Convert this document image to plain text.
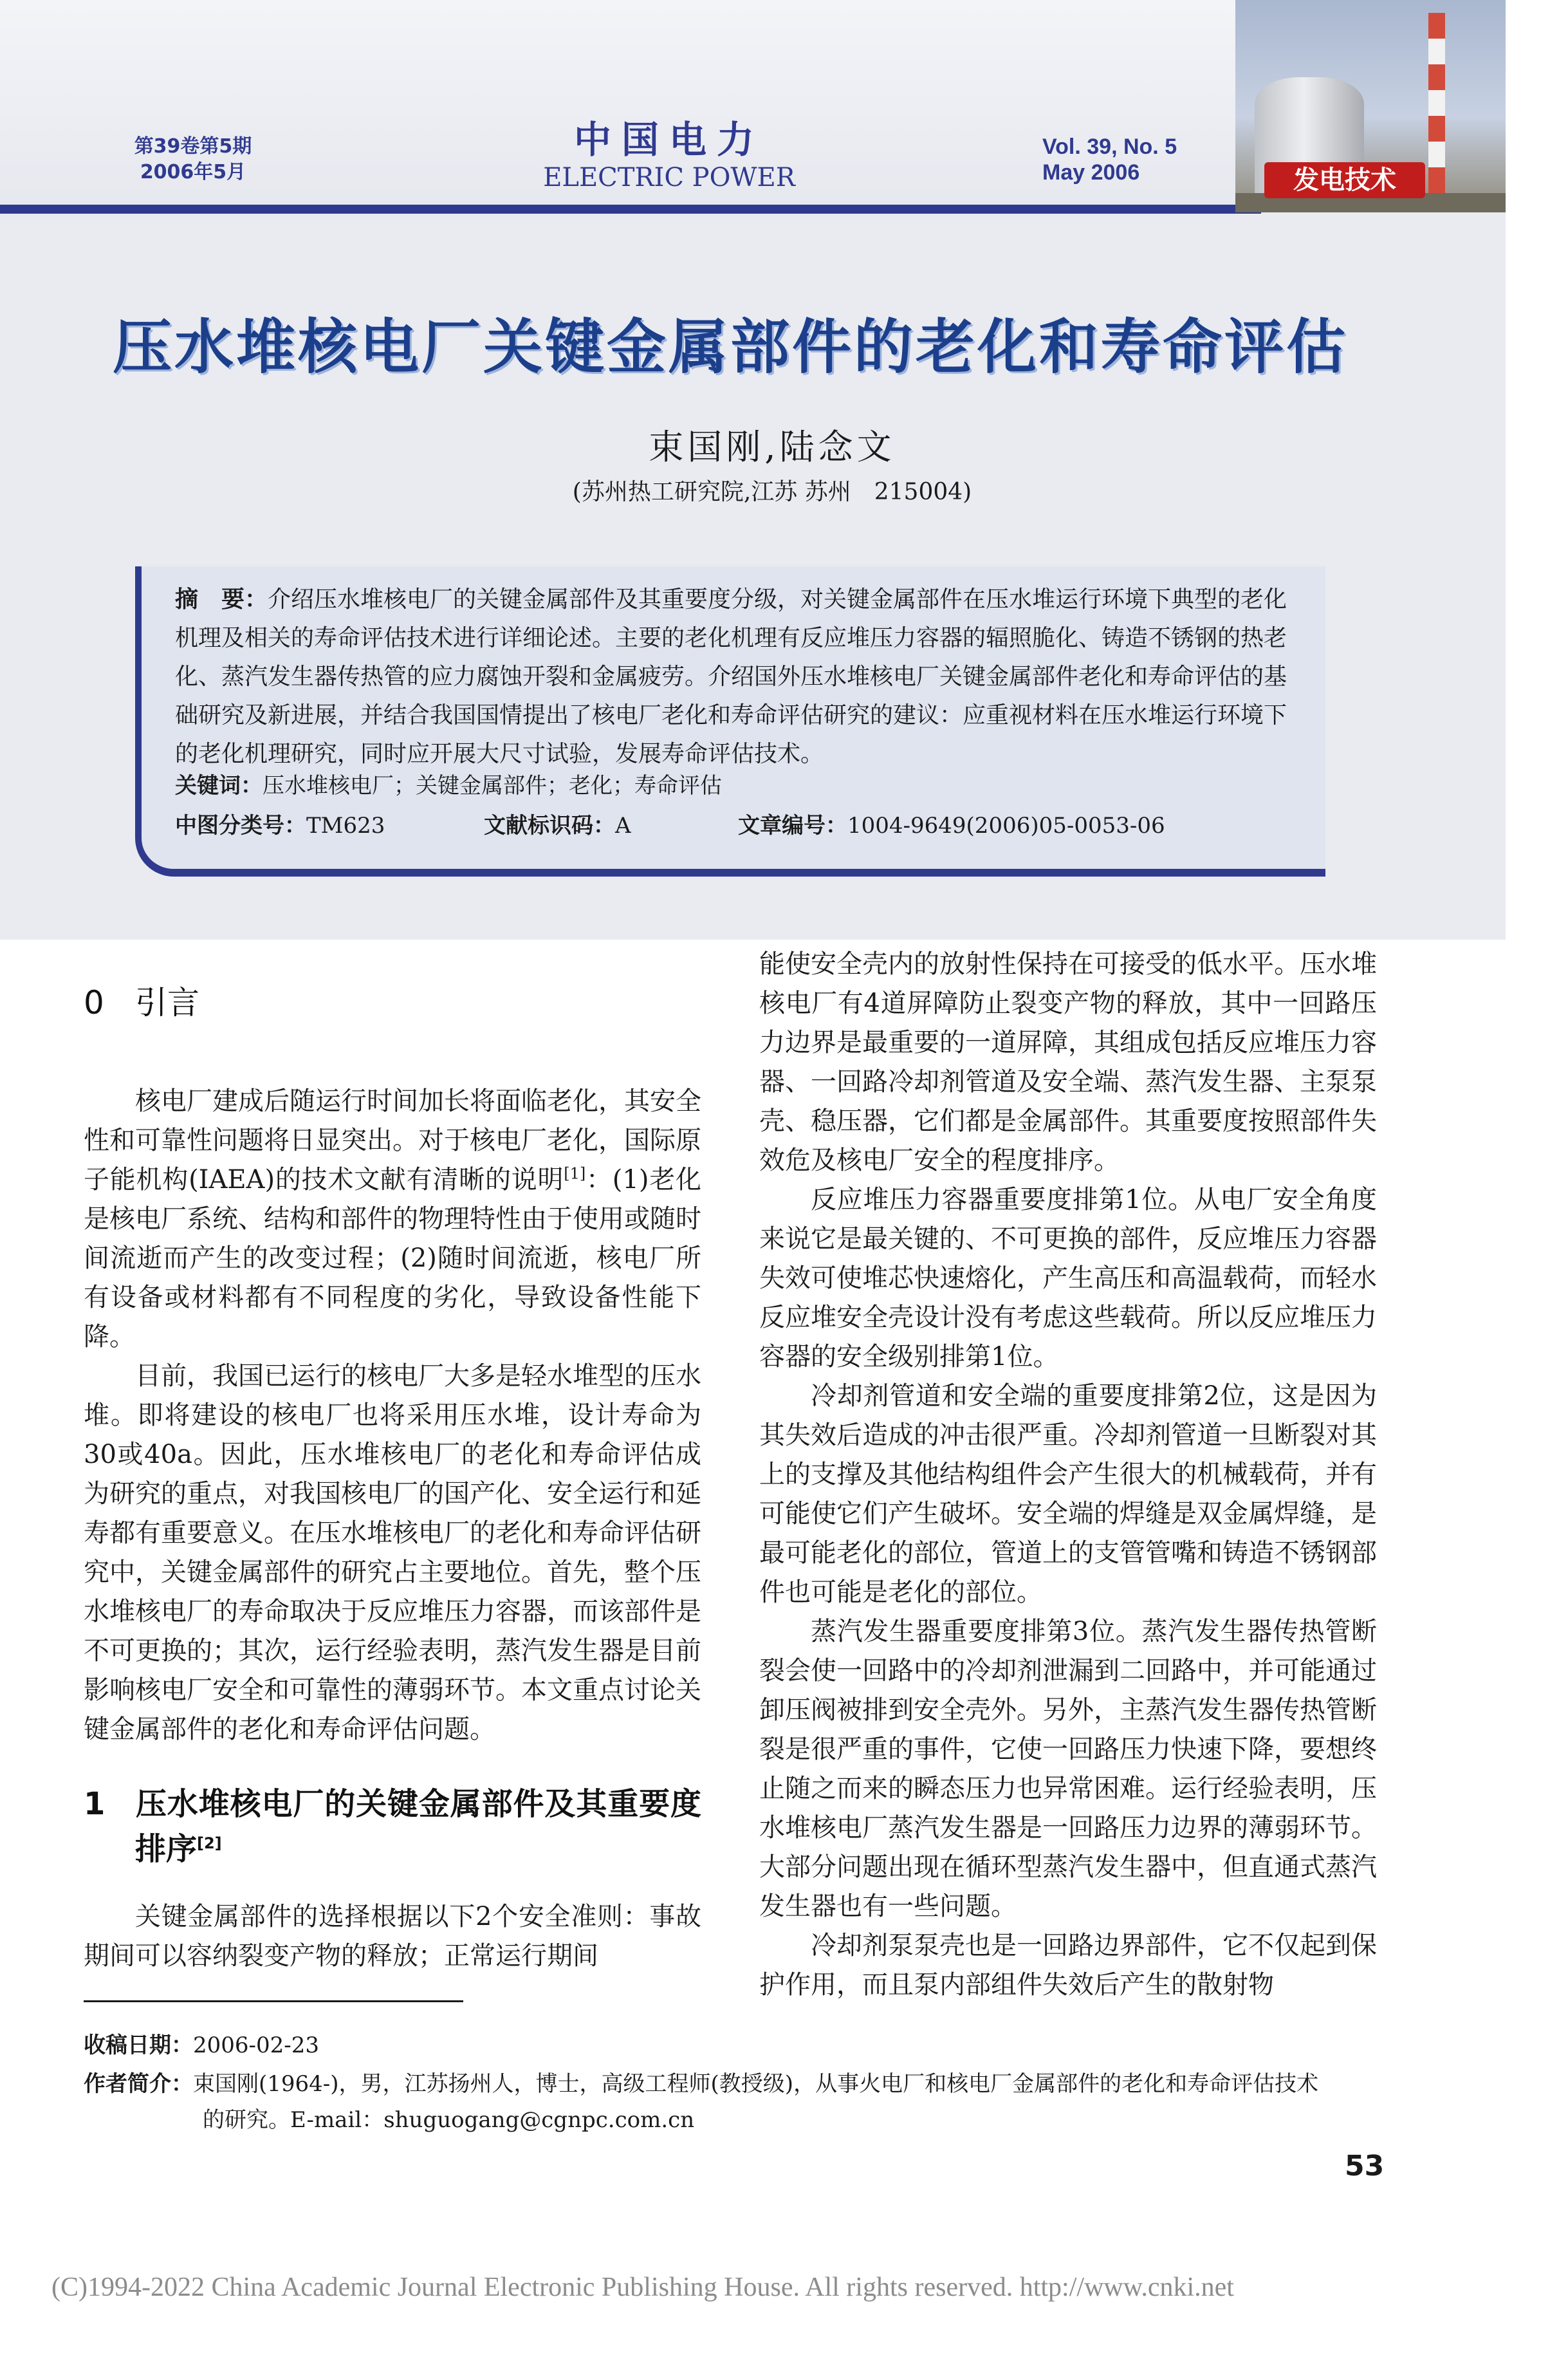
第39卷第5期
2006年5月
中国电力
ELECTRIC POWER
Vol. 39, No. 5
May 2006	发电技术
压水堆核电厂关键金属部件的老化和寿命评估
束国刚,陆念文
(苏州热工研究院,江苏 苏州　215004)
摘　要：介绍压水堆核电厂的关键金属部件及其重要度分级，对关键金属部件在压水堆运行环境下典型的老化机理及相关的寿命评估技术进行详细论述。主要的老化机理有反应堆压力容器的辐照脆化、铸造不锈钢的热老化、蒸汽发生器传热管的应力腐蚀开裂和金属疲劳。介绍国外压水堆核电厂关键金属部件老化和寿命评估的基础研究及新进展，并结合我国国情提出了核电厂老化和寿命评估研究的建议：应重视材料在压水堆运行环境下的老化机理研究，同时应开展大尺寸试验，发展寿命评估技术。
关键词：压水堆核电厂；关键金属部件；老化；寿命评估
中图分类号：TM623	文献标识码：A	文章编号：1004-9649(2006)05-0053-06
0 引言

核电厂建成后随运行时间加长将面临老化，其安全性和可靠性问题将日显突出。对于核电厂老化，国际原子能机构(IAEA)的技术文献有清晰的说明[1]：(1)老化是核电厂系统、结构和部件的物理特性由于使用或随时间流逝而产生的改变过程；(2)随时间流逝，核电厂所有设备或材料都有不同程度的劣化，导致设备性能下降。

目前，我国已运行的核电厂大多是轻水堆型的压水堆。即将建设的核电厂也将采用压水堆，设计寿命为30或40a。因此，压水堆核电厂的老化和寿命评估成为研究的重点，对我国核电厂的国产化、安全运行和延寿都有重要意义。在压水堆核电厂的老化和寿命评估研究中，关键金属部件的研究占主要地位。首先，整个压水堆核电厂的寿命取决于反应堆压力容器，而该部件是不可更换的；其次，运行经验表明，蒸汽发生器是目前影响核电厂安全和可靠性的薄弱环节。本文重点讨论关键金属部件的老化和寿命评估问题。

1 压水堆核电厂的关键金属部件及其重要度排序[2]

关键金属部件的选择根据以下2个安全准则：事故期间可以容纳裂变产物的释放；正常运行期间

能使安全壳内的放射性保持在可接受的低水平。压水堆核电厂有4道屏障防止裂变产物的释放，其中一回路压力边界是最重要的一道屏障，其组成包括反应堆压力容器、一回路冷却剂管道及安全端、蒸汽发生器、主泵泵壳、稳压器，它们都是金属部件。其重要度按照部件失效危及核电厂安全的程度排序。

反应堆压力容器重要度排第1位。从电厂安全角度来说它是最关键的、不可更换的部件，反应堆压力容器失效可使堆芯快速熔化，产生高压和高温载荷，而轻水反应堆安全壳设计没有考虑这些载荷。所以反应堆压力容器的安全级别排第1位。

冷却剂管道和安全端的重要度排第2位，这是因为其失效后造成的冲击很严重。冷却剂管道一旦断裂对其上的支撑及其他结构组件会产生很大的机械载荷，并有可能使它们产生破坏。安全端的焊缝是双金属焊缝，是最可能老化的部位，管道上的支管管嘴和铸造不锈钢部件也可能是老化的部位。

蒸汽发生器重要度排第3位。蒸汽发生器传热管断裂会使一回路中的冷却剂泄漏到二回路中，并可能通过卸压阀被排到安全壳外。另外，主蒸汽发生器传热管断裂是很严重的事件，它使一回路压力快速下降，要想终止随之而来的瞬态压力也异常困难。运行经验表明，压水堆核电厂蒸汽发生器是一回路压力边界的薄弱环节。大部分问题出现在循环型蒸汽发生器中，但直通式蒸汽发生器也有一些问题。

冷却剂泵泵壳也是一回路边界部件，它不仅起到保护作用，而且泵内部组件失效后产生的散射物

收稿日期：2006-02-23
作者简介：束国刚(1964-)，男，江苏扬州人，博士，高级工程师(教授级)，从事火电厂和核电厂金属部件的老化和寿命评估技术
的研究。E-mail：shuguogang@cgnpc.com.cn
53
(C)1994-2022 China Academic Journal Electronic Publishing House. All rights reserved. http://www.cnki.net
